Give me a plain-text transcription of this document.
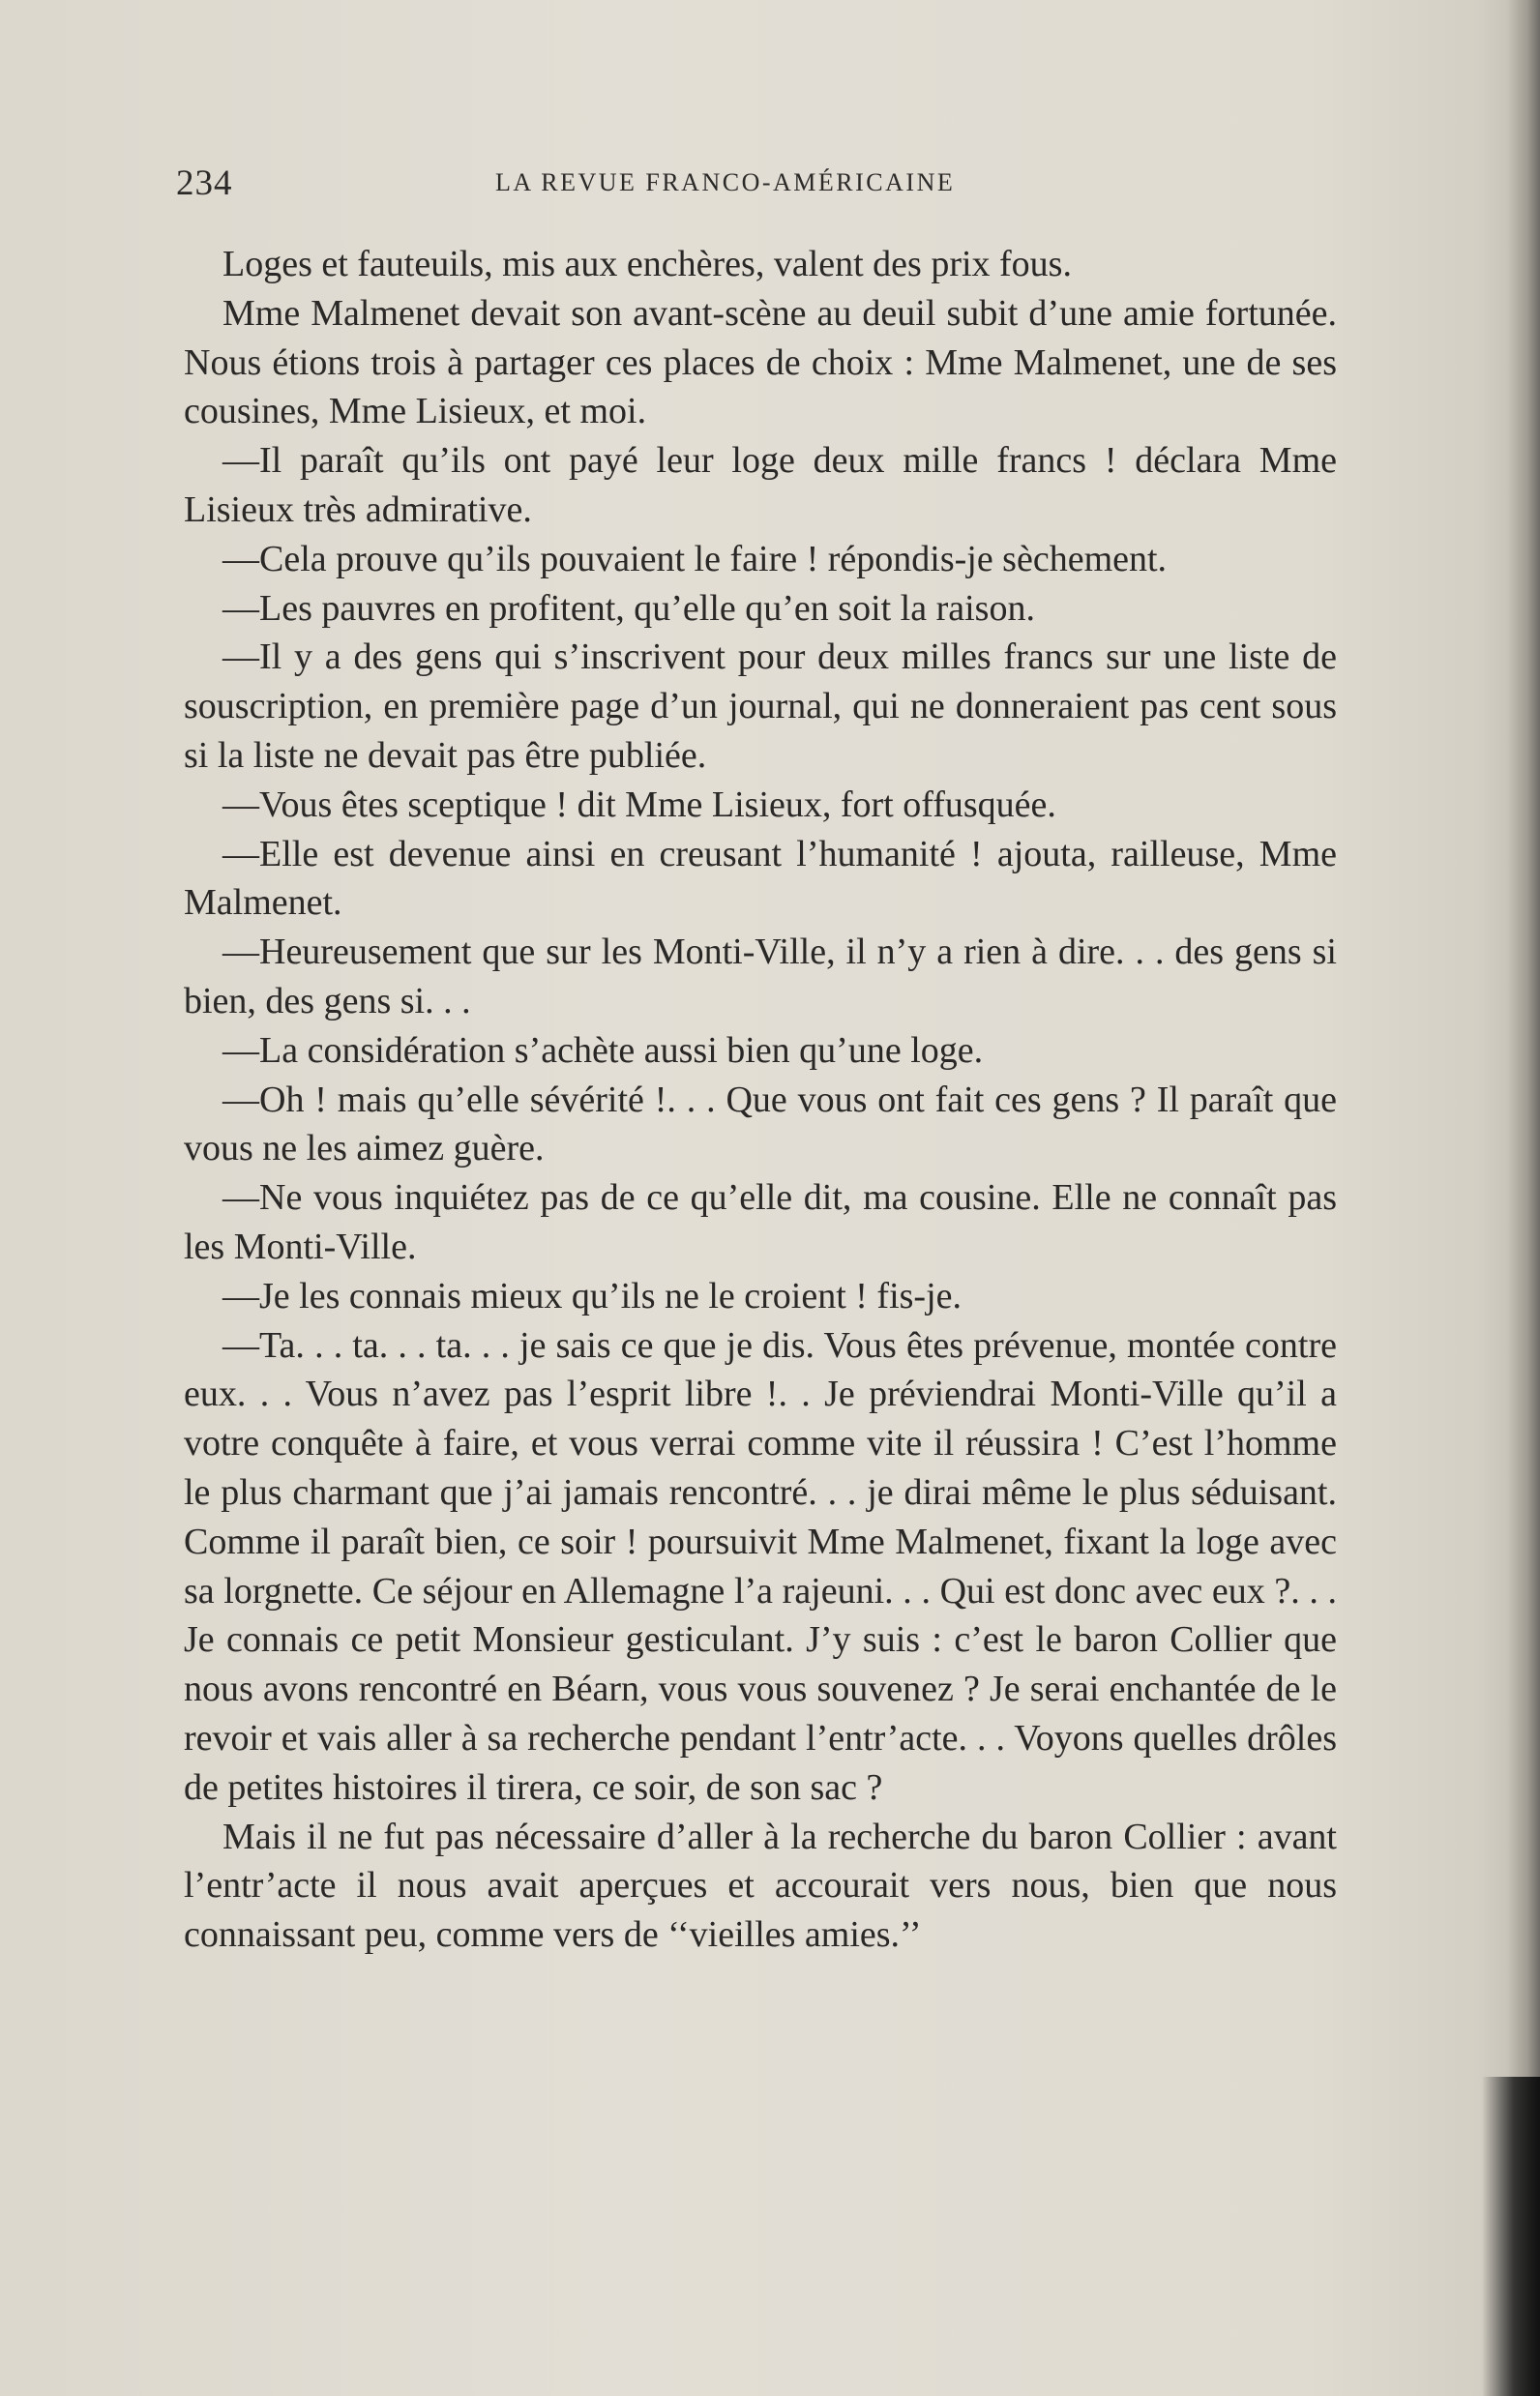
234	LA REVUE FRANCO-AMÉRICAINE

Loges et fauteuils, mis aux enchères, valent des prix fous.

Mme Malmenet devait son avant-scène au deuil subit d’une amie fortunée. Nous étions trois à partager ces places de choix : Mme Malmenet, une de ses cousines, Mme Lisieux, et moi.

—Il paraît qu’ils ont payé leur loge deux mille francs ! déclara Mme Lisieux très admirative.

—Cela prouve qu’ils pouvaient le faire ! répondis-je sèchement.

—Les pauvres en profitent, qu’elle qu’en soit la raison.

—Il y a des gens qui s’inscrivent pour deux milles francs sur une liste de souscription, en première page d’un journal, qui ne donneraient pas cent sous si la liste ne devait pas être publiée.

—Vous êtes sceptique ! dit Mme Lisieux, fort offusquée.

—Elle est devenue ainsi en creusant l’humanité ! ajouta, railleuse, Mme Malmenet.

—Heureusement que sur les Monti-Ville, il n’y a rien à dire. . . des gens si bien, des gens si. . .

—La considération s’achète aussi bien qu’une loge.

—Oh ! mais qu’elle sévérité !. . . Que vous ont fait ces gens ? Il paraît que vous ne les aimez guère.

—Ne vous inquiétez pas de ce qu’elle dit, ma cousine. Elle ne connaît pas les Monti-Ville.

—Je les connais mieux qu’ils ne le croient ! fis-je.

—Ta. . . ta. . . ta. . . je sais ce que je dis. Vous êtes prévenue, montée contre eux. . . Vous n’avez pas l’esprit libre !. . Je préviendrai Monti-Ville qu’il a votre conquête à faire, et vous verrai comme vite il réussira ! C’est l’homme le plus charmant que j’ai jamais rencontré. . . je dirai même le plus séduisant. Comme il paraît bien, ce soir ! poursuivit Mme Malmenet, fixant la loge avec sa lorgnette. Ce séjour en Allemagne l’a rajeuni. . . Qui est donc avec eux ?. . . Je connais ce petit Monsieur gesticulant. J’y suis : c’est le baron Collier que nous avons rencontré en Béarn, vous vous souvenez ? Je serai enchantée de le revoir et vais aller à sa recherche pendant l’entr’acte. . . Voyons quelles drôles de petites histoires il tirera, ce soir, de son sac ?

Mais il ne fut pas nécessaire d’aller à la recherche du baron Collier : avant l’entr’acte il nous avait aperçues et accourait vers nous, bien que nous connaissant peu, comme vers de ‘‘vieilles amies.’’
